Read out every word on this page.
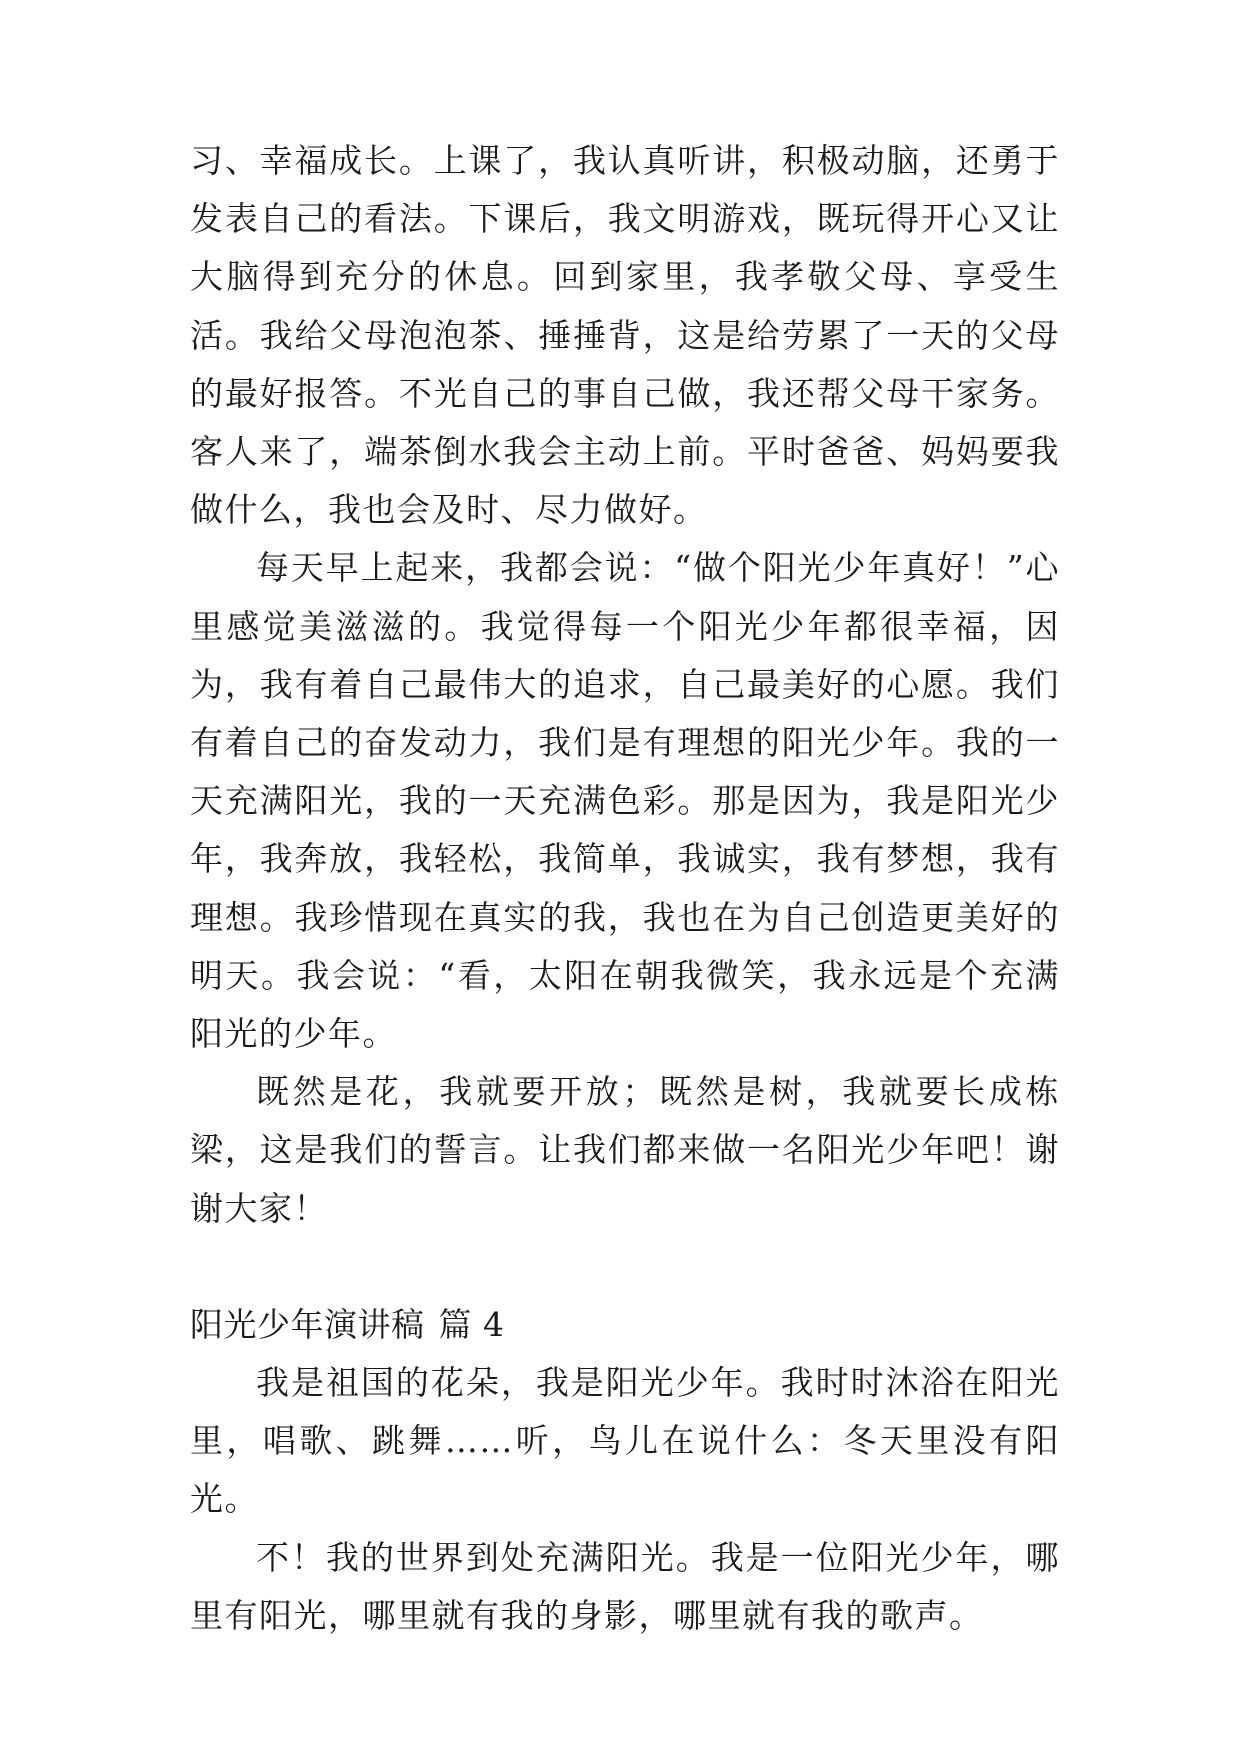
习、幸福成长。上课了，我认真听讲，积极动脑，还勇于发表自己的看法。下课后，我文明游戏，既玩得开心又让大脑得到充分的休息。回到家里，我孝敬父母、享受生活。我给父母泡泡茶、捶捶背，这是给劳累了一天的父母的最好报答。不光自己的事自己做，我还帮父母干家务。客人来了，端茶倒水我会主动上前。平时爸爸、妈妈要我做什么，我也会及时、尽力做好。

每天早上起来，我都会说：“做个阳光少年真好！”心里感觉美滋滋的。我觉得每一个阳光少年都很幸福，因为，我有着自己最伟大的追求，自己最美好的心愿。我们有着自己的奋发动力，我们是有理想的阳光少年。我的一天充满阳光，我的一天充满色彩。那是因为，我是阳光少年，我奔放，我轻松，我简单，我诚实，我有梦想，我有理想。我珍惜现在真实的我，我也在为自己创造更美好的明天。我会说：“看，太阳在朝我微笑，我永远是个充满阳光的少年。

既然是花，我就要开放；既然是树，我就要长成栋梁，这是我们的誓言。让我们都来做一名阳光少年吧！谢谢大家！

阳光少年演讲稿 篇 4

我是祖国的花朵，我是阳光少年。我时时沐浴在阳光里，唱歌、跳舞……听，鸟儿在说什么：冬天里没有阳光。

不！我的世界到处充满阳光。我是一位阳光少年，哪里有阳光，哪里就有我的身影，哪里就有我的歌声。
